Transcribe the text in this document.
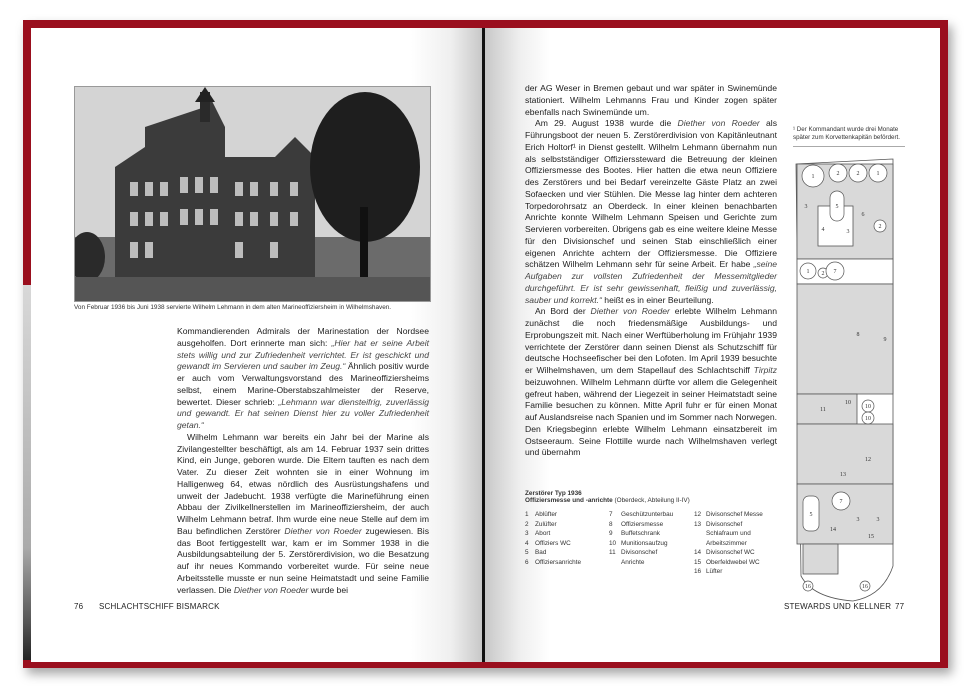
Von Februar 1936 bis Juni 1938 servierte Wilhelm Lehmann in dem alten Marineoffiziersheim in Wilhelmshaven.

Kommandierenden Admirals der Marinestation der Nordsee ausgeholfen. Dort erinnerte man sich: „Hier hat er seine Arbeit stets willig und zur Zufriedenheit verrichtet. Er ist geschickt und gewandt im Servieren und sauber im Zeug.“ Ähnlich positiv wurde er auch vom Verwaltungsvorstand des Marineoffiziersheims selbst, einem Marine-Oberstabszahlmeister der Reserve, bewertet. Dieser schrieb: „Lehmann war diensteifrig, zuverlässig und gewandt. Er hat seinen Dienst hier zu voller Zufriedenheit getan.“

Wilhelm Lehmann war bereits ein Jahr bei der Marine als Zivilangestellter beschäftigt, als am 14. Februar 1937 sein drittes Kind, ein Junge, geboren wurde. Die Eltern tauften es nach dem Vater. Zu dieser Zeit wohnten sie in einer Wohnung im Halligenweg 64, etwas nördlich des Ausrüstungshafens und unweit der Jadebucht. 1938 verfügte die Marineführung einen Abbau der Zivilkellnerstellen im Marineoffiziersheim, der auch Wilhelm Lehmann betraf. Ihm wurde eine neue Stelle auf dem im Bau befindlichen Zerstörer Diether von Roeder zugewiesen. Bis das Boot fertiggestellt war, kam er im Sommer 1938 in die Ausbildungsabteilung der 5. Zerstörerdivision, wo die Besatzung auf ihr neues Kommando vorbereitet wurde. Für seine neue Arbeitsstelle musste er nun seine Heimatstadt und seine Familie verlassen. Die Diether von Roeder wurde bei

76 SCHLACHTSCHIFF BISMARCK

der AG Weser in Bremen gebaut und war später in Swinemünde stationiert. Wilhelm Lehmanns Frau und Kinder zogen später ebenfalls nach Swinemünde um.

Am 29. August 1938 wurde die Diether von Roeder als Führungsboot der neuen 5. Zerstörerdivision von Kapitänleutnant Erich Holtorf¹ in Dienst gestellt. Wilhelm Lehmann übernahm nun als selbstständiger Offizierssteward die Betreuung der kleinen Offiziersmesse des Bootes. Hier hatten die etwa neun Offiziere des Zerstörers und bei Bedarf vereinzelte Gäste Platz an zwei Sofaecken und vier Stühlen. Die Messe lag hinter dem achteren Torpedorohrsatz an Oberdeck. In einer kleinen benachbarten Anrichte konnte Wilhelm Lehmann Speisen und Gerichte zum Servieren vorbereiten. Übrigens gab es eine weitere kleine Messe für den Divisionschef und seinen Stab einschließlich einer eigenen Anrichte achtern der Offiziersmesse. Die Offiziere schätzen Wilhelm Lehmann sehr für seine Arbeit. Er habe „seine Aufgaben zur vollsten Zufriedenheit der Messemitglieder durchgeführt. Er ist sehr gewissenhaft, fleißig und zuverlässig, sauber und korrekt.“ heißt es in einer Beurteilung.

An Bord der Diether von Roeder erlebte Wilhelm Lehmann zunächst die noch friedensmäßige Ausbildungs- und Erprobungszeit mit. Nach einer Werftüberholung im Frühjahr 1939 verrichtete der Zerstörer dann seinen Dienst als Schutzschiff für deutsche Hochseefischer bei den Lofoten. Im April 1939 besuchte er Wilhelmshaven, um dem Stapellauf des Schlachtschiff Tirpitz beizuwohnen. Wilhelm Lehmann dürfte vor allem die Gelegenheit gefreut haben, während der Liegezeit in seiner Heimatstadt seine Familie besuchen zu können. Mitte April fuhr er für einen Monat auf Auslandsreise nach Spanien und im Sommer nach Norwegen. Den Kriegsbeginn erlebte Wilhelm Lehmann einsatzbereit im Ostseeraum. Seine Flottille wurde nach Wilhelmshaven verlegt und übernahm

¹ Der Kommandant wurde drei Monate später zum Korvettenkapitän befördert.
Zerstörer Typ 1936
Offiziersmesse und -anrichte (Oberdeck, Abteilung II-IV)
1	Ablüfter
2	Zulüfter
3	Abort
4	Offiziers WC
5	Bad
6	Offiziersanrichte
7	Geschützunterbau
8	Offiziersmesse
9	Buffetschrank
10 Munitionsaufzug
11 Divisonschef
Anrichte
12 Divisonschef Messe
13 Divisonschef
Schlafraum und
Arbeitszimmer
14 Divisonschef WC
15 Oberfeldwebel WC
16 Lüfter
1	2	2	1
3	5
6
4	3
2
1 2 7
8
9
11
10
10
10
12
7
13
5
14
3	3
15
16	16
STEWARDS UND KELLNER 77
